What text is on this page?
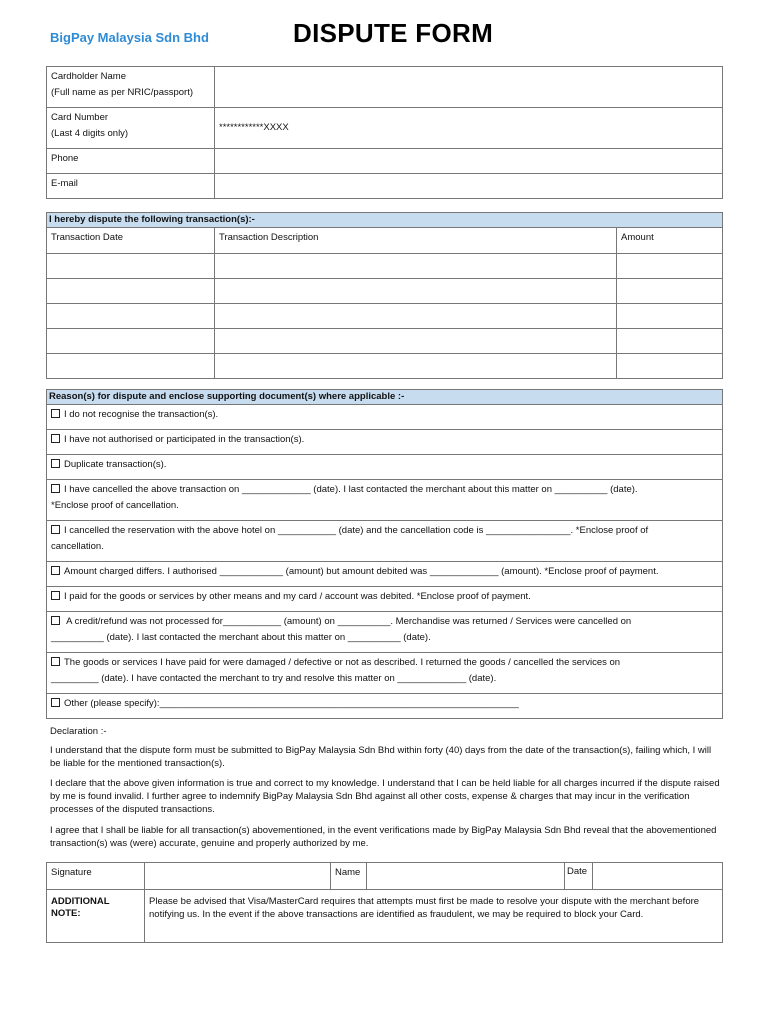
BigPay Malaysia Sdn Bhd	DISPUTE FORM
Cardholder Name
(Full name as per NRIC/passport)	

Card Number
(Last 4 digits only)	************XXXX
Phone	
E-mail	
I hereby dispute the following transaction(s):-		
Transaction Date	Transaction Description	Amount

Reason(s) for dispute and enclose supporting document(s) where applicable :-
I do not recognise the transaction(s).
I have not authorised or participated in the transaction(s).
Duplicate transaction(s).
I have cancelled the above transaction on _____________ (date). I last contacted the merchant about this matter on __________ (date).
*Enclose proof of cancellation.

I cancelled the reservation with the above hotel on ___________ (date) and the cancellation code is ________________. *Enclose proof of
cancellation.

Amount charged differs. I authorised ____________ (amount) but amount debited was _____________ (amount). *Enclose proof of payment.
I paid for the goods or services by other means and my card / account was debited. *Enclose proof of payment.
A credit/refund was not processed for___________ (amount) on __________. Merchandise was returned / Services were cancelled on
__________ (date). I last contacted the merchant about this matter on __________ (date).

The goods or services I have paid for were damaged / defective or not as described. I returned the goods / cancelled the services on
_________ (date). I have contacted the merchant to try and resolve this matter on _____________ (date).

Other (please specify):____________________________________________________________________
Declaration :-
I understand that the dispute form must be submitted to BigPay Malaysia Sdn Bhd within forty (40) days from the date of the transaction(s), failing which, I will be liable for the mentioned transaction(s).
I declare that the above given information is true and correct to my knowledge. I understand that I can be held liable for all charges incurred if the dispute raised by me is found invalid. I further agree to indemnify BigPay Malaysia Sdn Bhd against all other costs, expense & charges that may incur in the verification processes of the disputed transactions.
I agree that I shall be liable for all transaction(s) abovementioned, in the event verifications made by BigPay Malaysia Sdn Bhd reveal that the abovementioned transaction(s) was (were) accurate, genuine and properly authorized by me.
Signature		Name		Date	
ADDITIONAL NOTE:	Please be advised that Visa/MasterCard requires that attempts must first be made to resolve your dispute with the merchant before notifying us. In the event if the above transactions are identified as fraudulent, we may be required to block your Card.				
